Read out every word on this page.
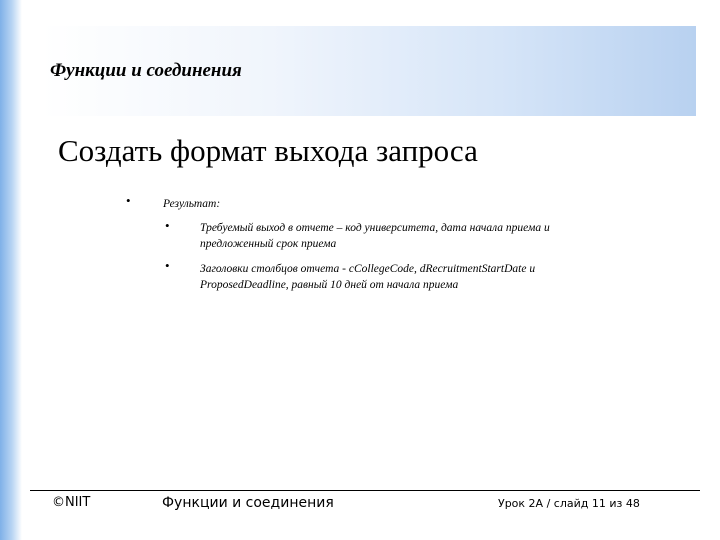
Функции и соединения
Создать формат выхода запроса
•	Результат:
•	Требуемый выход в отчете – код университета, дата начала приема и
предложенный срок приема
•	Заголовки столбцов отчета - cCollegeCode, dRecruitmentStartDate и
ProposedDeadline, равный 10 дней от начала приема
©NIIT	Функции и соединения	Урок 2A / слайд 11 из 48
